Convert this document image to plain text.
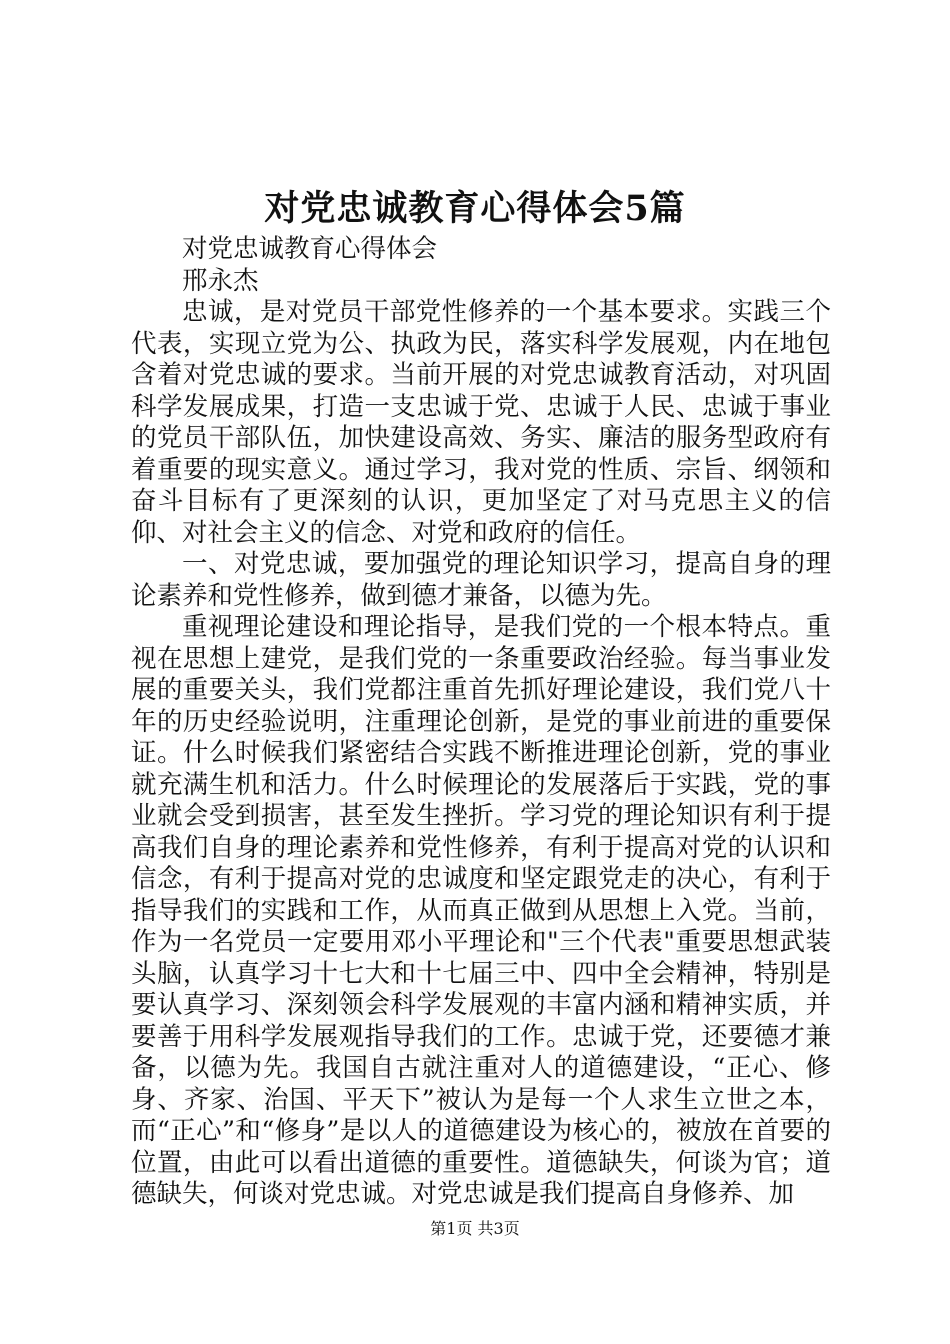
对党忠诚教育心得体会5篇

对党忠诚教育心得体会

邢永杰

忠诚，是对党员干部党性修养的一个基本要求。实践三个代表，实现立党为公、执政为民，落实科学发展观，内在地包含着对党忠诚的要求。当前开展的对党忠诚教育活动，对巩固科学发展成果，打造一支忠诚于党、忠诚于人民、忠诚于事业的党员干部队伍，加快建设高效、务实、廉洁的服务型政府有着重要的现实意义。通过学习，我对党的性质、宗旨、纲领和奋斗目标有了更深刻的认识，更加坚定了对马克思主义的信仰、对社会主义的信念、对党和政府的信任。

一、对党忠诚，要加强党的理论知识学习，提高自身的理论素养和党性修养，做到德才兼备，以德为先。

重视理论建设和理论指导，是我们党的一个根本特点。重视在思想上建党，是我们党的一条重要政治经验。每当事业发展的重要关头，我们党都注重首先抓好理论建设，我们党八十年的历史经验说明，注重理论创新，是党的事业前进的重要保证。什么时候我们紧密结合实践不断推进理论创新，党的事业就充满生机和活力。什么时候理论的发展落后于实践，党的事业就会受到损害，甚至发生挫折。学习党的理论知识有利于提高我们自身的理论素养和党性修养，有利于提高对党的认识和信念，有利于提高对党的忠诚度和坚定跟党走的决心，有利于指导我们的实践和工作，从而真正做到从思想上入党。当前，作为一名党员一定要用邓小平理论和"三个代表"重要思想武装头脑，认真学习十七大和十七届三中、四中全会精神，特别是要认真学习、深刻领会科学发展观的丰富内涵和精神实质，并要善于用科学发展观指导我们的工作。忠诚于党，还要德才兼备，以德为先。我国自古就注重对人的道德建设，“正心、修身、齐家、治国、平天下”被认为是每一个人求生立世之本，而“正心”和“修身”是以人的道德建设为核心的，被放在首要的位置，由此可以看出道德的重要性。道德缺失，何谈为官；道德缺失，何谈对党忠诚。对党忠诚是我们提高自身修养、加

第1页 共3页
